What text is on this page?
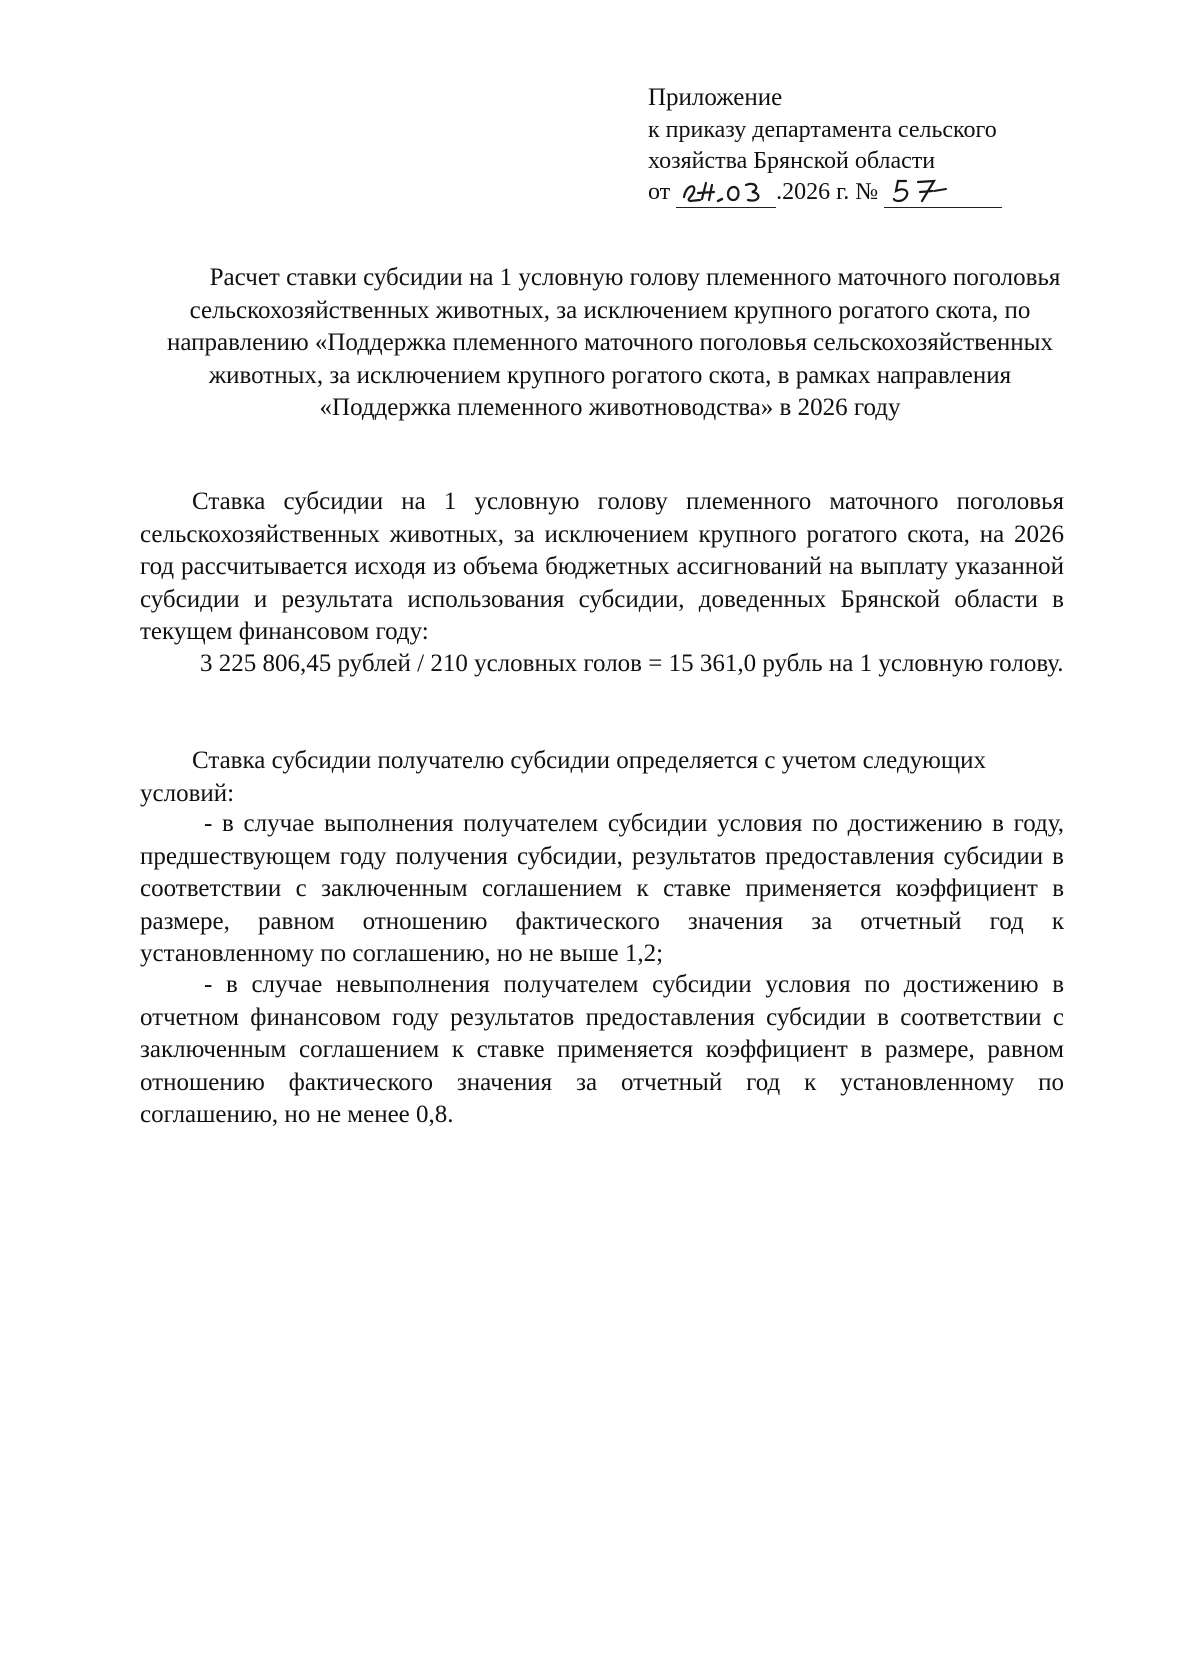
Приложение
к приказу департамента сельского
хозяйства Брянской области
от	.2026 г. №
Расчет ставки субсидии на 1 условную голову племенного маточного поголовья сельскохозяйственных животных, за исключением крупного рогатого скота, по направлению «Поддержка племенного маточного поголовья сельскохозяйственных животных, за исключением крупного рогатого скота, в рамках направления «Поддержка племенного животноводства» в 2026 году
Ставка субсидии на 1 условную голову племенного маточного поголовья сельскохозяйственных животных, за исключением крупного рогатого скота, на 2026 год рассчитывается исходя из объема бюджетных ассигнований на выплату указанной субсидии и результата использования субсидии, доведенных Брянской области в текущем финансовом году:
3 225 806,45 рублей / 210 условных голов = 15 361,0 рубль на 1 условную голову.
Ставка субсидии получателю субсидии определяется с учетом следующих условий:
- в случае выполнения получателем субсидии условия по достижению в году, предшествующем году получения субсидии, результатов предоставления субсидии в соответствии с заключенным соглашением к ставке применяется коэффициент в размере, равном отношению фактического значения за отчетный год к установленному по соглашению, но не выше 1,2;
- в случае невыполнения получателем субсидии условия по достижению в отчетном финансовом году результатов предоставления субсидии в соответствии с заключенным соглашением к ставке применяется коэффициент в размере, равном отношению фактического значения за отчетный год к установленному по соглашению, но не менее 0,8.
